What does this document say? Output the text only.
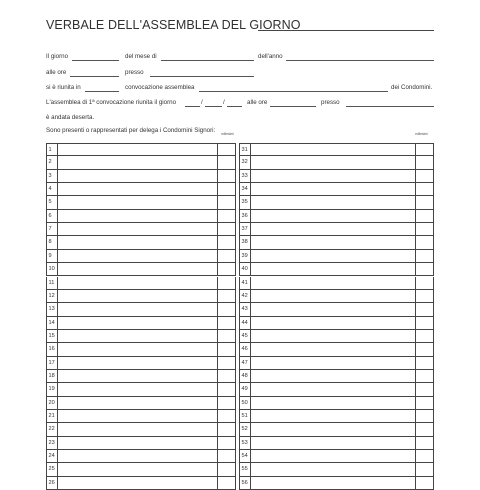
VERBALE DELL'ASSEMBLEA DEL GIORNO
Il giorno	del mese di	dell'anno
alle ore	presso
si è riunita in	convocazione assemblea	dei Condomini.
L'assemblea di 1ª convocazione riunita il giorno	/	/	alle ore	presso
è andata deserta.
Sono presenti o rappresentati per delega i Condomini Signori: millesimi	millesimi
1
2
3
4
5
6
7
8
9
10
11
12
13
14
15
16
17
18
19
20
21
22
23
24
25
26
31
32
33
34
35
36
37
38
39
40
41
42
43
44
45
46
47
48
49
50
51
52
53
54
55
56
